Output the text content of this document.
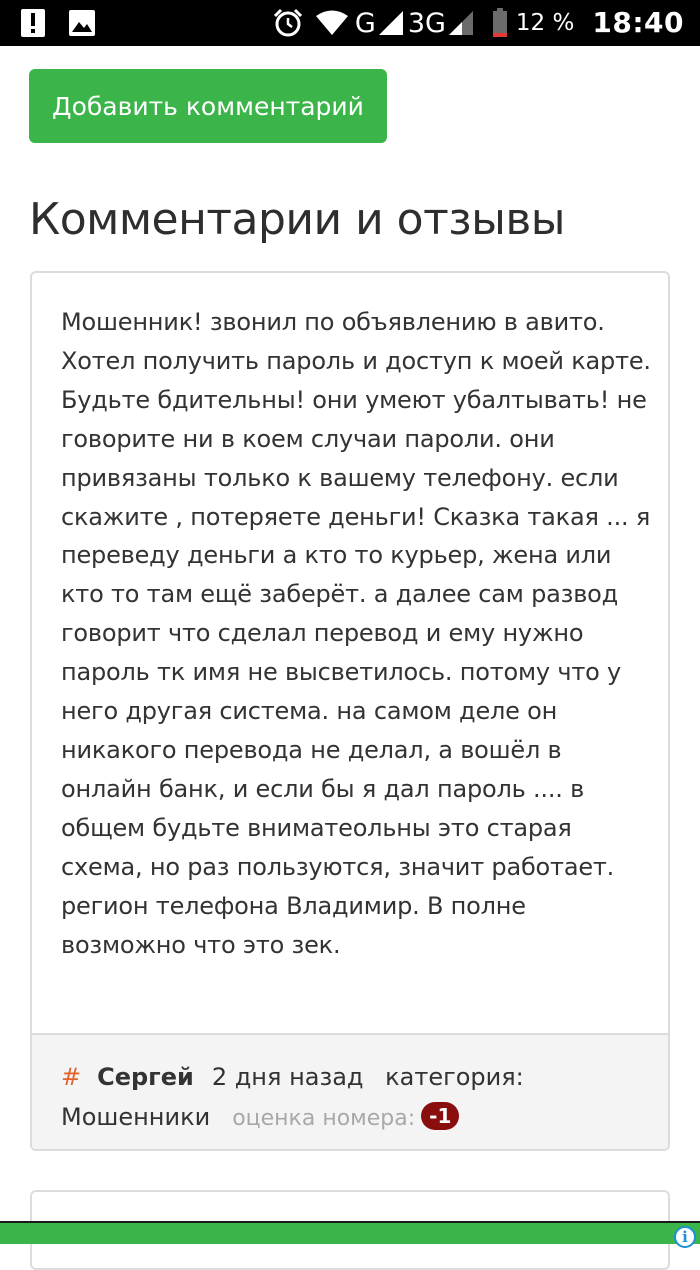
G 3G	12 % 18:40
Добавить комментарий
Комментарии и отзывы

Мошенник! звонил по объявлению в авито. Хотел получить пароль и доступ к моей карте. Будьте бдительны! они умеют убалтывать! не говорите ни в коем случаи пароли. они привязаны только к вашему телефону. если скажите , потеряете деньги! Сказка такая ... я переведу деньги а кто то курьер, жена или кто то там ещё заберёт. а далее сам развод говорит что сделал перевод и ему нужно пароль тк имя не высветилось. потому что у него другая система. на самом деле он никакого перевода не делал, а вошёл в онлайн банк, и если бы я дал пароль .... в общем будьте вниматеольны это старая схема, но раз пользуются, значит работает. регион телефона Владимир. В полне возможно что это зек.

# Сергей 2 дня назад категория: Мошенники оценка номера: -1
i
